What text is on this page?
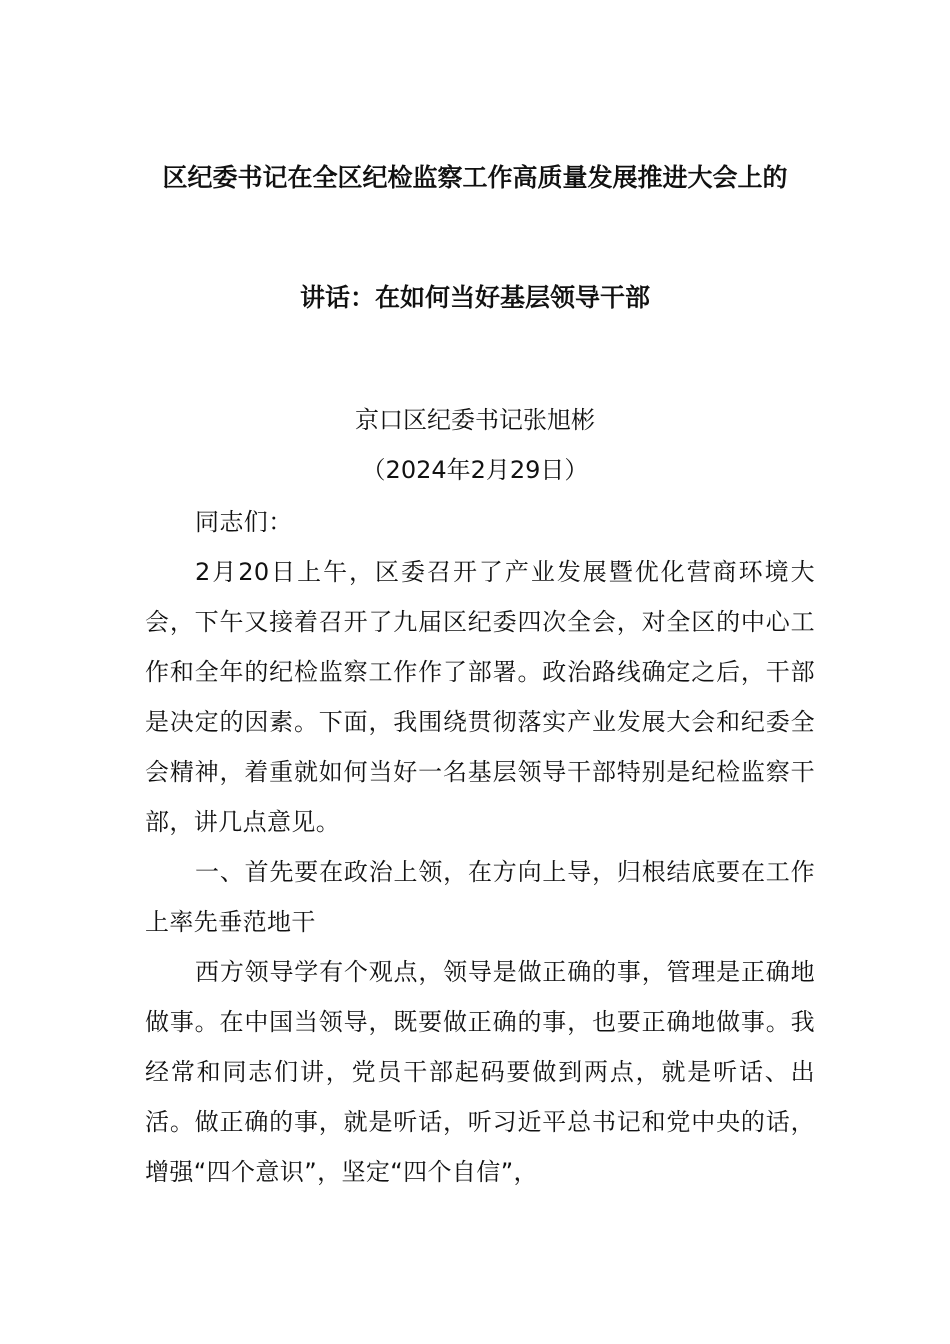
区纪委书记在全区纪检监察工作高质量发展推进大会上的
讲话：在如何当好基层领导干部
京口区纪委书记张旭彬
（2024年2月29日）

同志们：

2月20日上午，区委召开了产业发展暨优化营商环境大会，下午又接着召开了九届区纪委四次全会，对全区的中心工作和全年的纪检监察工作作了部署。政治路线确定之后，干部是决定的因素。下面，我围绕贯彻落实产业发展大会和纪委全会精神，着重就如何当好一名基层领导干部特别是纪检监察干部，讲几点意见。

一、首先要在政治上领，在方向上导，归根结底要在工作上率先垂范地干

西方领导学有个观点，领导是做正确的事，管理是正确地做事。在中国当领导，既要做正确的事，也要正确地做事。我经常和同志们讲，党员干部起码要做到两点，就是听话、出活。做正确的事，就是听话，听习近平总书记和党中央的话，增强“四个意识”，坚定“四个自信”，
